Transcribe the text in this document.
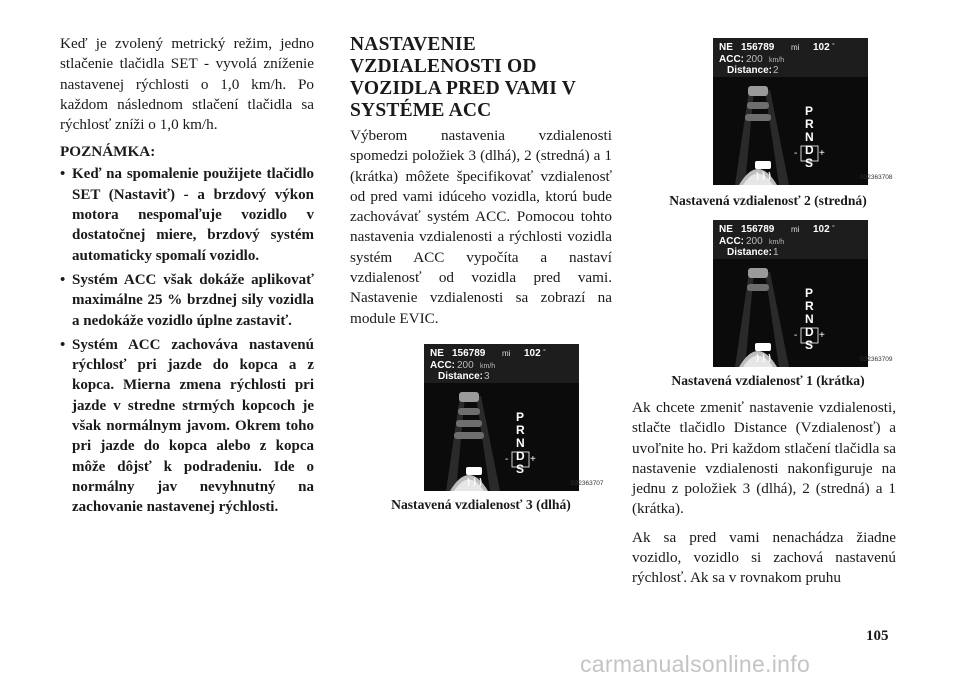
Keď je zvolený metrický režim, jedno stlačenie tlačidla SET - vyvolá zníženie nastavenej rýchlosti o 1,0 km/h. Po každom následnom stlačení tlačidla sa rýchlosť zníži o 1,0 km/h.

POZNÁMKA:
• Keď na spomalenie použijete tlačidlo SET (Nastaviť) - a brzdový výkon motora nespomaľuje vozidlo v dostatočnej miere, brzdový systém automaticky spomalí vozidlo.
• Systém ACC však dokáže aplikovať maximálne 25 % brzdnej sily vozidla a nedokáže vozidlo úplne zastaviť.
• Systém ACC zachováva nastavenú rýchlosť pri jazde do kopca a z kopca. Mierna zmena rýchlosti pri jazde v stredne strmých kopcoch je však normálnym javom. Okrem toho pri jazde do kopca alebo z kopca môže dôjsť k podradeniu. Ide o normálny jav nevyhnutný na zachovanie nastavenej rýchlosti.
NASTAVENIE VZDIALENOSTI OD VOZIDLA PRED VAMI V SYSTÉME ACC

Výberom nastavenia vzdialenosti spomedzi položiek 3 (dlhá), 2 (stredná) a 1 (krátka) môžete špecifikovať vzdialenosť od pred vami idúceho vozidla, ktorú bude zachovávať systém ACC. Pomocou tohto nastavenia vzdialenosti a rýchlosti vozidla systém ACC vypočíta a nastaví vzdialenosť od vozidla pred vami. Nastavenie vzdialenosti sa zobrazí na module EVIC.

Ak chcete zmeniť nastavenie vzdialenosti, stlačte tlačidlo Distance (Vzdialenosť) a uvoľnite ho. Pri každom stlačení tlačidla sa nastavenie vzdialenosti nakonfiguruje na jednu z položiek 3 (dlhá), 2 (stredná) a 1 (krátka).

Ak sa pred vami nenachádza žiadne vozidlo, vozidlo si zachová nastavenú rýchlosť. Ak sa v rovnakom pruhu

NE 156789 mi 102 °
ACC: 200 km/h
Distance: 3
P
R
N
D
S
- +
032363707
Nastavená vzdialenosť 3 (dlhá)
NE 156789 mi 102 °
ACC: 200 km/h
Distance: 2
P
R
N
D
S
- +
032363708
Nastavená vzdialenosť 2 (stredná)
NE 156789 mi 102 °
ACC: 200 km/h
Distance: 1
P
R
N
D
S
- +
032363709
Nastavená vzdialenosť 1 (krátka)
105
carmanualsonline.info
